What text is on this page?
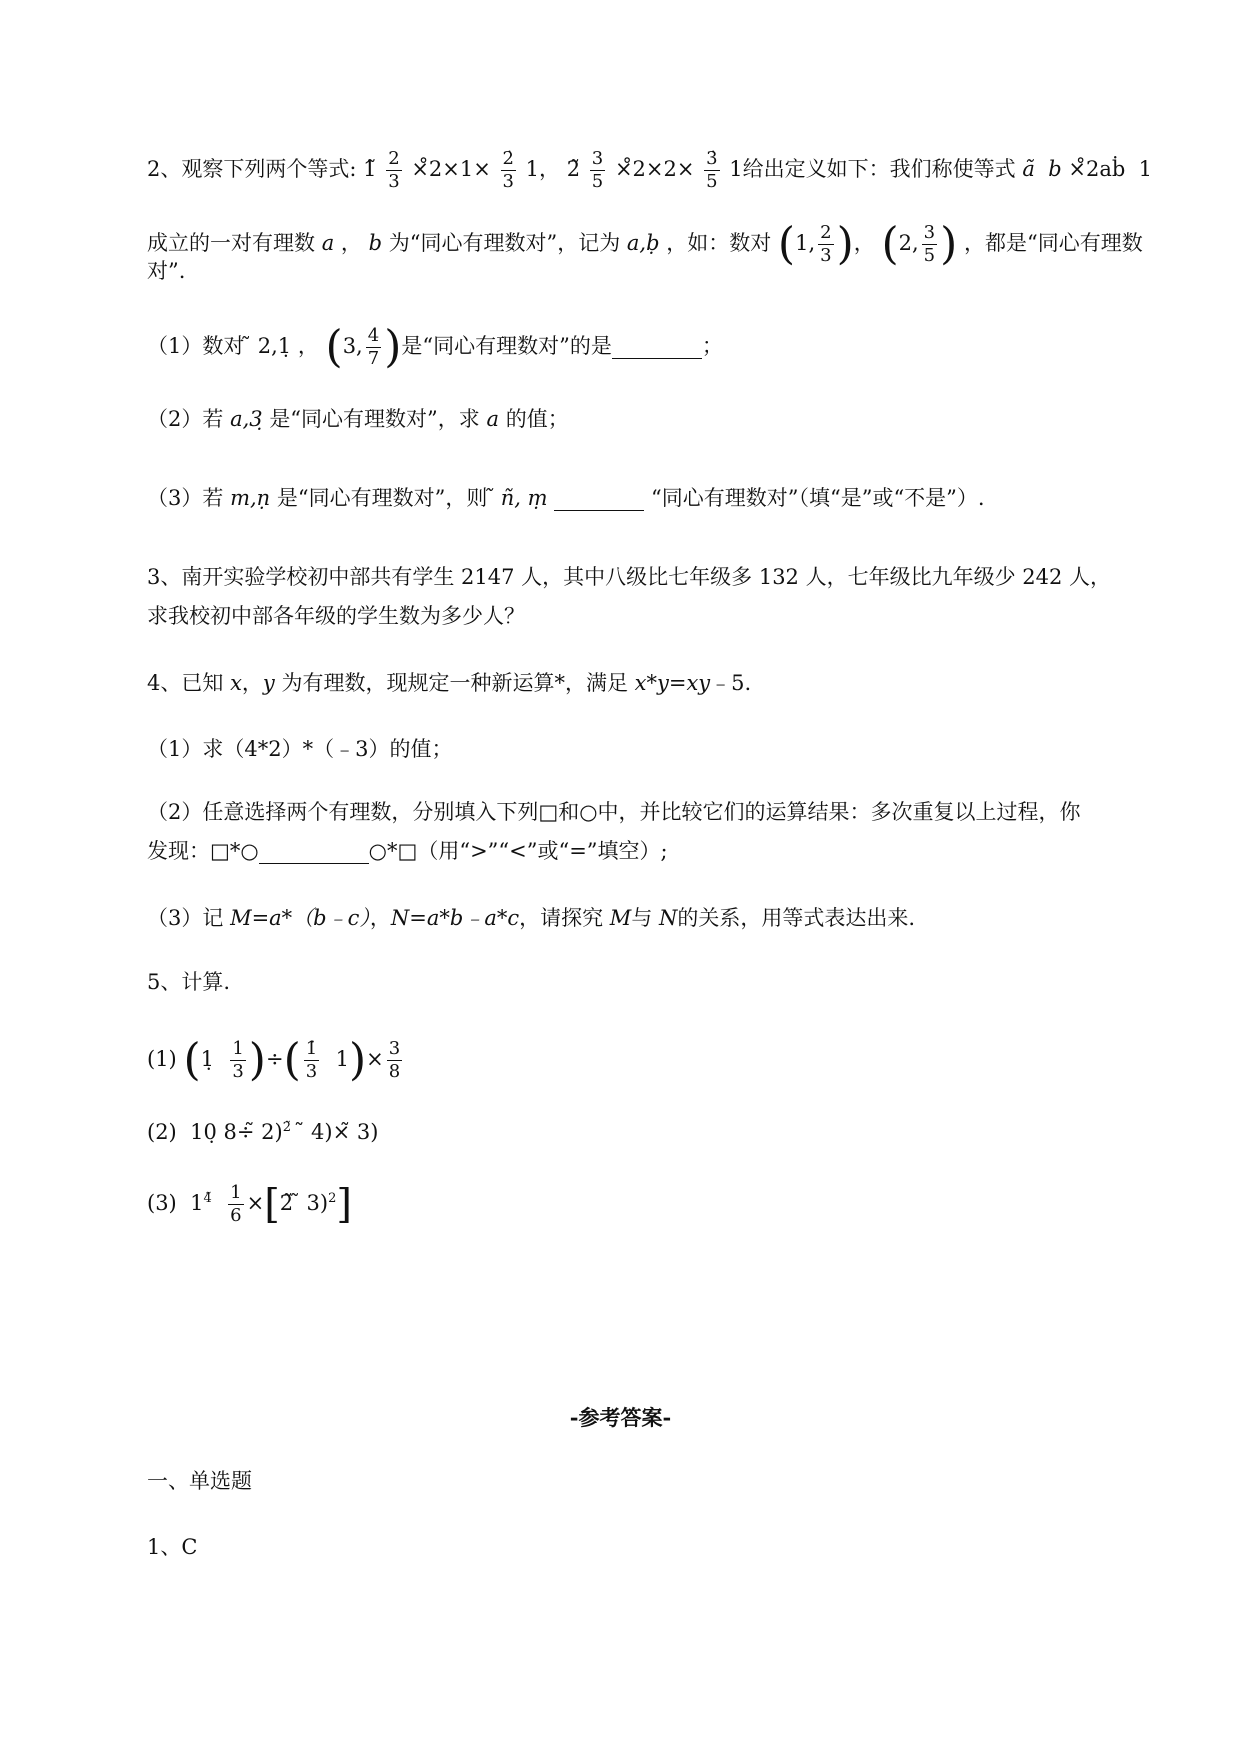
2、观察下列两个等式: 1̃ $\frac{2}{3}$ ×̊2×1× $\frac{2̇}{3} 1$， 2̃ $\frac{3}{5}$ ×̊2×2× $\frac{3̇}{5} 1$给出定义如下：我们称使等式 ã b ×̊2aḃ 1
成立的一对有理数 a ， b 为“同心有理数对”，记为 a,ḅ ，如：数对 (1, $\frac{2}{3}$ )， (2, $\frac{3}{5}$ ) ，都是“同心有理数
对”.
（1）数对 ̃ 2,1̣ ， (3, $\frac{4}{7}$ )是“同心有理数对”的是	；
（2）若 a,3̣ 是“同心有理数对”，求 a 的值；
（3）若 m,ṇ 是“同心有理数对”，则 ̃ ñ, ṃ	“同心有理数对”（填“是”或“不是”）.
3、南开实验学校初中部共有学生 2147 人，其中八级比七年级多 132 人，七年级比九年级少 242 人，
求我校初中部各年级的学生数为多少人？
4、已知 x，y 为有理数，现规定一种新运算*，满足 x*y=xy﹣5.
（1）求（4*2）*（﹣3）的值；
（2）任意选择两个有理数，分别填入下列□和○中，并比较它们的运算结果：多次重复以上过程，你
发现：□*○	○*□（用“>”“<”或“=”填空）;
（3）记 M=a*（b﹣c），N=a*b﹣a*c，请探究 M与 N的关系，用等式表达出来.
5、计算.
(1) (1̣ $\frac{1}{3}$ )÷( $\frac{1̇}{3} 1)\times \frac{3}{8}$
(2) 10̣ 8÷̃ 2)$^{2̃}$ ̃ 4)×̃ 3)
(3) $1^{4̃} \frac{1}{6}$ ×[2̃ ̃ 3)$^2$]
-参考答案-
一、单选题
1、C
